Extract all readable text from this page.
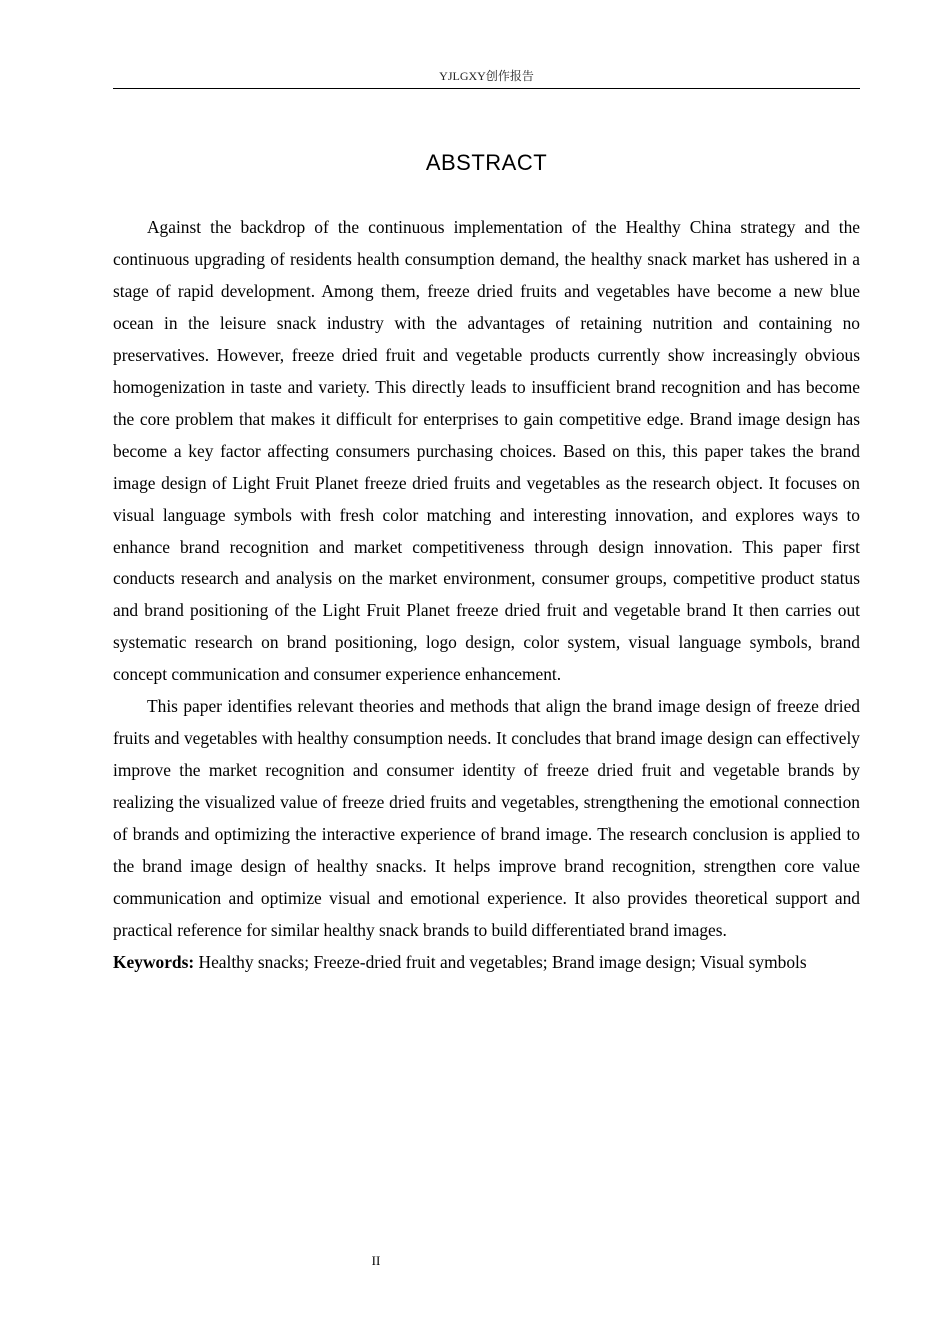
YJLGXY创作报告
ABSTRACT

Against the backdrop of the continuous implementation of the Healthy China strategy and the continuous upgrading of residents health consumption demand, the healthy snack market has ushered in a stage of rapid development. Among them, freeze dried fruits and vegetables have become a new blue ocean in the leisure snack industry with the advantages of retaining nutrition and containing no preservatives. However, freeze dried fruit and vegetable products currently show increasingly obvious homogenization in taste and variety. This directly leads to insufficient brand recognition and has become the core problem that makes it difficult for enterprises to gain competitive edge. Brand image design has become a key factor affecting consumers purchasing choices. Based on this, this paper takes the brand image design of Light Fruit Planet freeze dried fruits and vegetables as the research object. It focuses on visual language symbols with fresh color matching and interesting innovation, and explores ways to enhance brand recognition and market competitiveness through design innovation. This paper first conducts research and analysis on the market environment, consumer groups, competitive product status and brand positioning of the Light Fruit Planet freeze dried fruit and vegetable brand It then carries out systematic research on brand positioning, logo design, color system, visual language symbols, brand concept communication and consumer experience enhancement.

This paper identifies relevant theories and methods that align the brand image design of freeze dried fruits and vegetables with healthy consumption needs. It concludes that brand image design can effectively improve the market recognition and consumer identity of freeze dried fruit and vegetable brands by realizing the visualized value of freeze dried fruits and vegetables, strengthening the emotional connection of brands and optimizing the interactive experience of brand image. The research conclusion is applied to the brand image design of healthy snacks. It helps improve brand recognition, strengthen core value communication and optimize visual and emotional experience. It also provides theoretical support and practical reference for similar healthy snack brands to build differentiated brand images.

Keywords: Healthy snacks; Freeze-dried fruit and vegetables; Brand image design; Visual symbols

II
